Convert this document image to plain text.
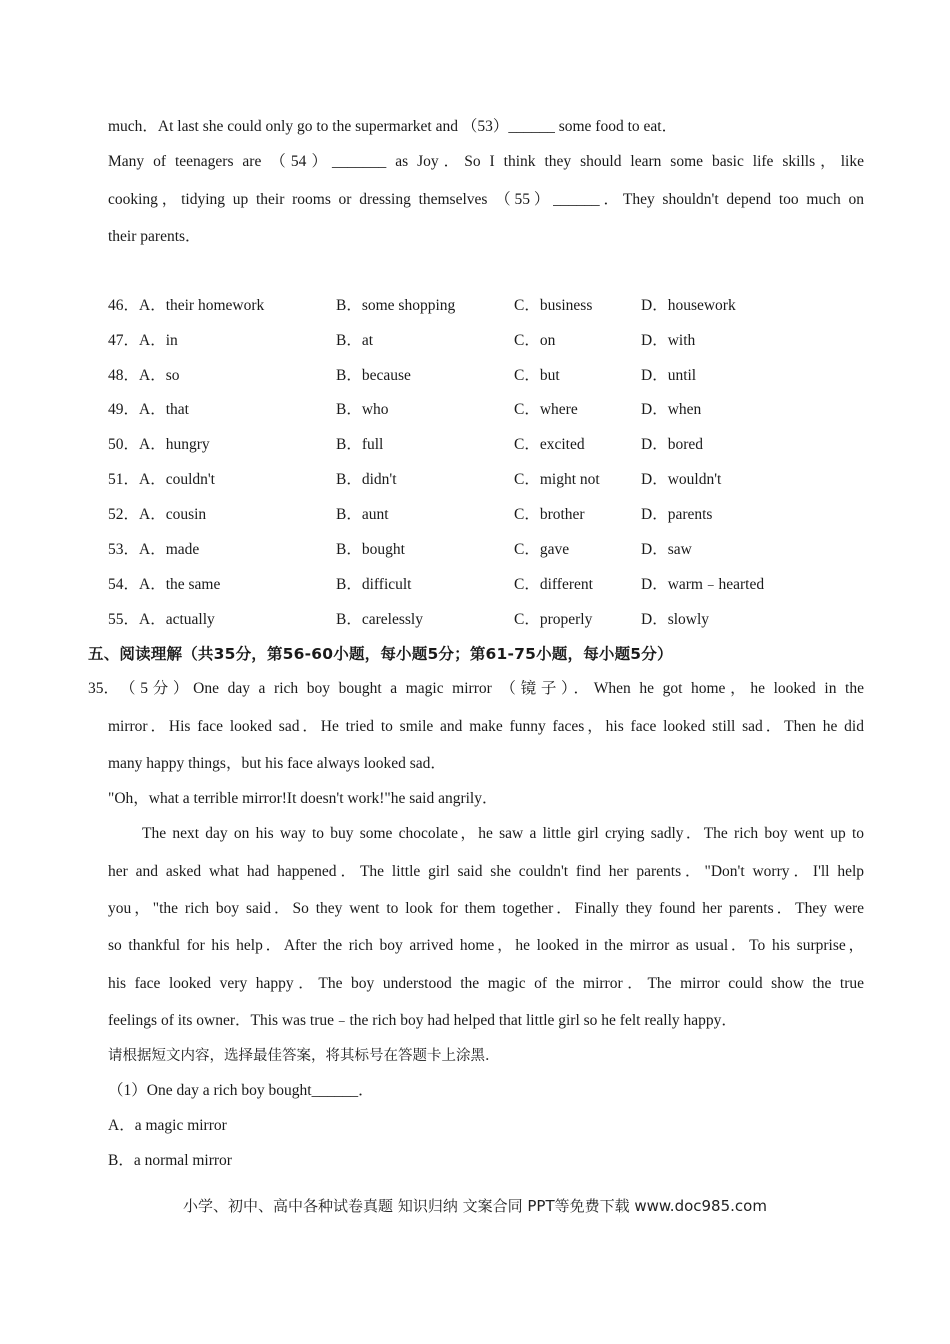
much．At last she could only go to the supermarket and （53）______ some food to eat．
Many of teenagers are （54）_______ as Joy．So I think they should learn some basic life skills，like
cooking，tidying up their rooms or dressing themselves （55）______．They shouldn't depend too much on
their parents．
46．A．their homework	B．some shopping	C．business	D．housework
47．A．in	B．at	C．on	D．with
48．A．so	B．because	C．but	D．until
49．A．that	B．who	C．where	D．when
50．A．hungry	B．full	C．excited	D．bored
51．A．couldn't	B．didn't	C．might not	D．wouldn't
52．A．cousin	B．aunt	C．brother	D．parents
53．A．made	B．bought	C．gave	D．saw
54．A．the same	B．difficult	C．different	D．warm﹣hearted
55．A．actually	B．carelessly	C．properly	D．slowly
五、阅读理解（共35分，第56-60小题，每小题5分；第61-75小题，每小题5分）
35． （5分）One day a rich boy bought a magic mirror （镜子）．When he got home，he looked in the
mirror．His face looked sad．He tried to smile and make funny faces，his face looked still sad．Then he did
many happy things，but his face always looked sad．
"Oh，what a terrible mirror!It doesn't work!"he said angrily．
The next day on his way to buy some chocolate，he saw a little girl crying sadly．The rich boy went up to
her and asked what had happened．The little girl said she couldn't find her parents．"Don't worry．I'll help
you，"the rich boy said．So they went to look for them together．Finally they found her parents．They were
so thankful for his help．After the rich boy arrived home，he looked in the mirror as usual．To his surprise，
his face looked very happy．The boy understood the magic of the mirror．The mirror could show the true
feelings of its owner．This was true﹣the rich boy had helped that little girl so he felt really happy．
请根据短文内容，选择最佳答案，将其标号在答题卡上涂黑．
（1）One day a rich boy bought______．
A．a magic mirror
B．a normal mirror
小学、初中、高中各种试卷真题 知识归纳 文案合同 PPT等免费下载 www.doc985.com
